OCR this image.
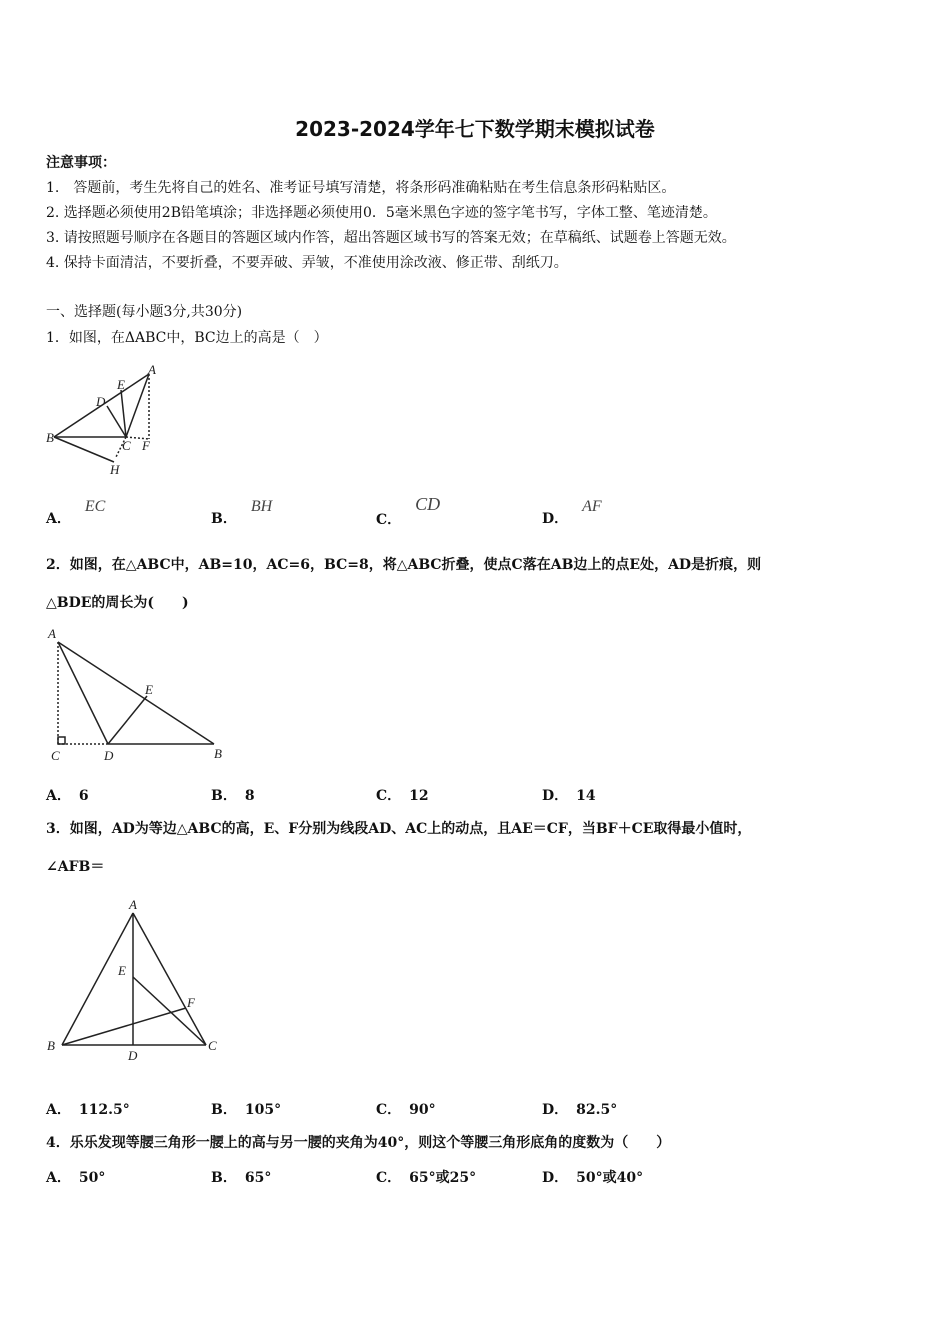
2023-2024学年七下数学期末模拟试卷
注意事项：
1.　答题前，考生先将自己的姓名、准考证号填写清楚，将条形码准确粘贴在考生信息条形码粘贴区。
2. 选择题必须使用2B铅笔填涂；非选择题必须使用0．5毫米黑色字迹的签字笔书写，字体工整、笔迹清楚。
3. 请按照题号顺序在各题目的答题区域内作答，超出答题区域书写的答案无效；在草稿纸、试题卷上答题无效。
4. 保持卡面清洁，不要折叠，不要弄破、弄皱，不准使用涂改液、修正带、刮纸刀。
一、选择题(每小题3分,共30分)
1．如图，在ΔABC中，BC边上的高是（　）
A
E
D
B
C F
H
A．EC
B．BH
C．CD
D．AF
2．如图，在△ABC中，AB=10，AC=6，BC=8，将△ABC折叠，使点C落在AB边上的点E处，AD是折痕，则
△BDE的周长为(　　)
A
E
C	D	B
A． 6	B． 8	C． 12	D． 14
3．如图，AD为等边△ABC的高，E、F分别为线段AD、AC上的动点，且AE＝CF，当BF＋CE取得最小值时，
∠AFB＝
A
E
F
B
D
C
A． 112.5°	B． 105°	C． 90°	D． 82.5°
4．乐乐发现等腰三角形一腰上的高与另一腰的夹角为40°，则这个等腰三角形底角的度数为（　　）
A． 50°	B． 65°	C． 65°或25°	D． 50°或40°
